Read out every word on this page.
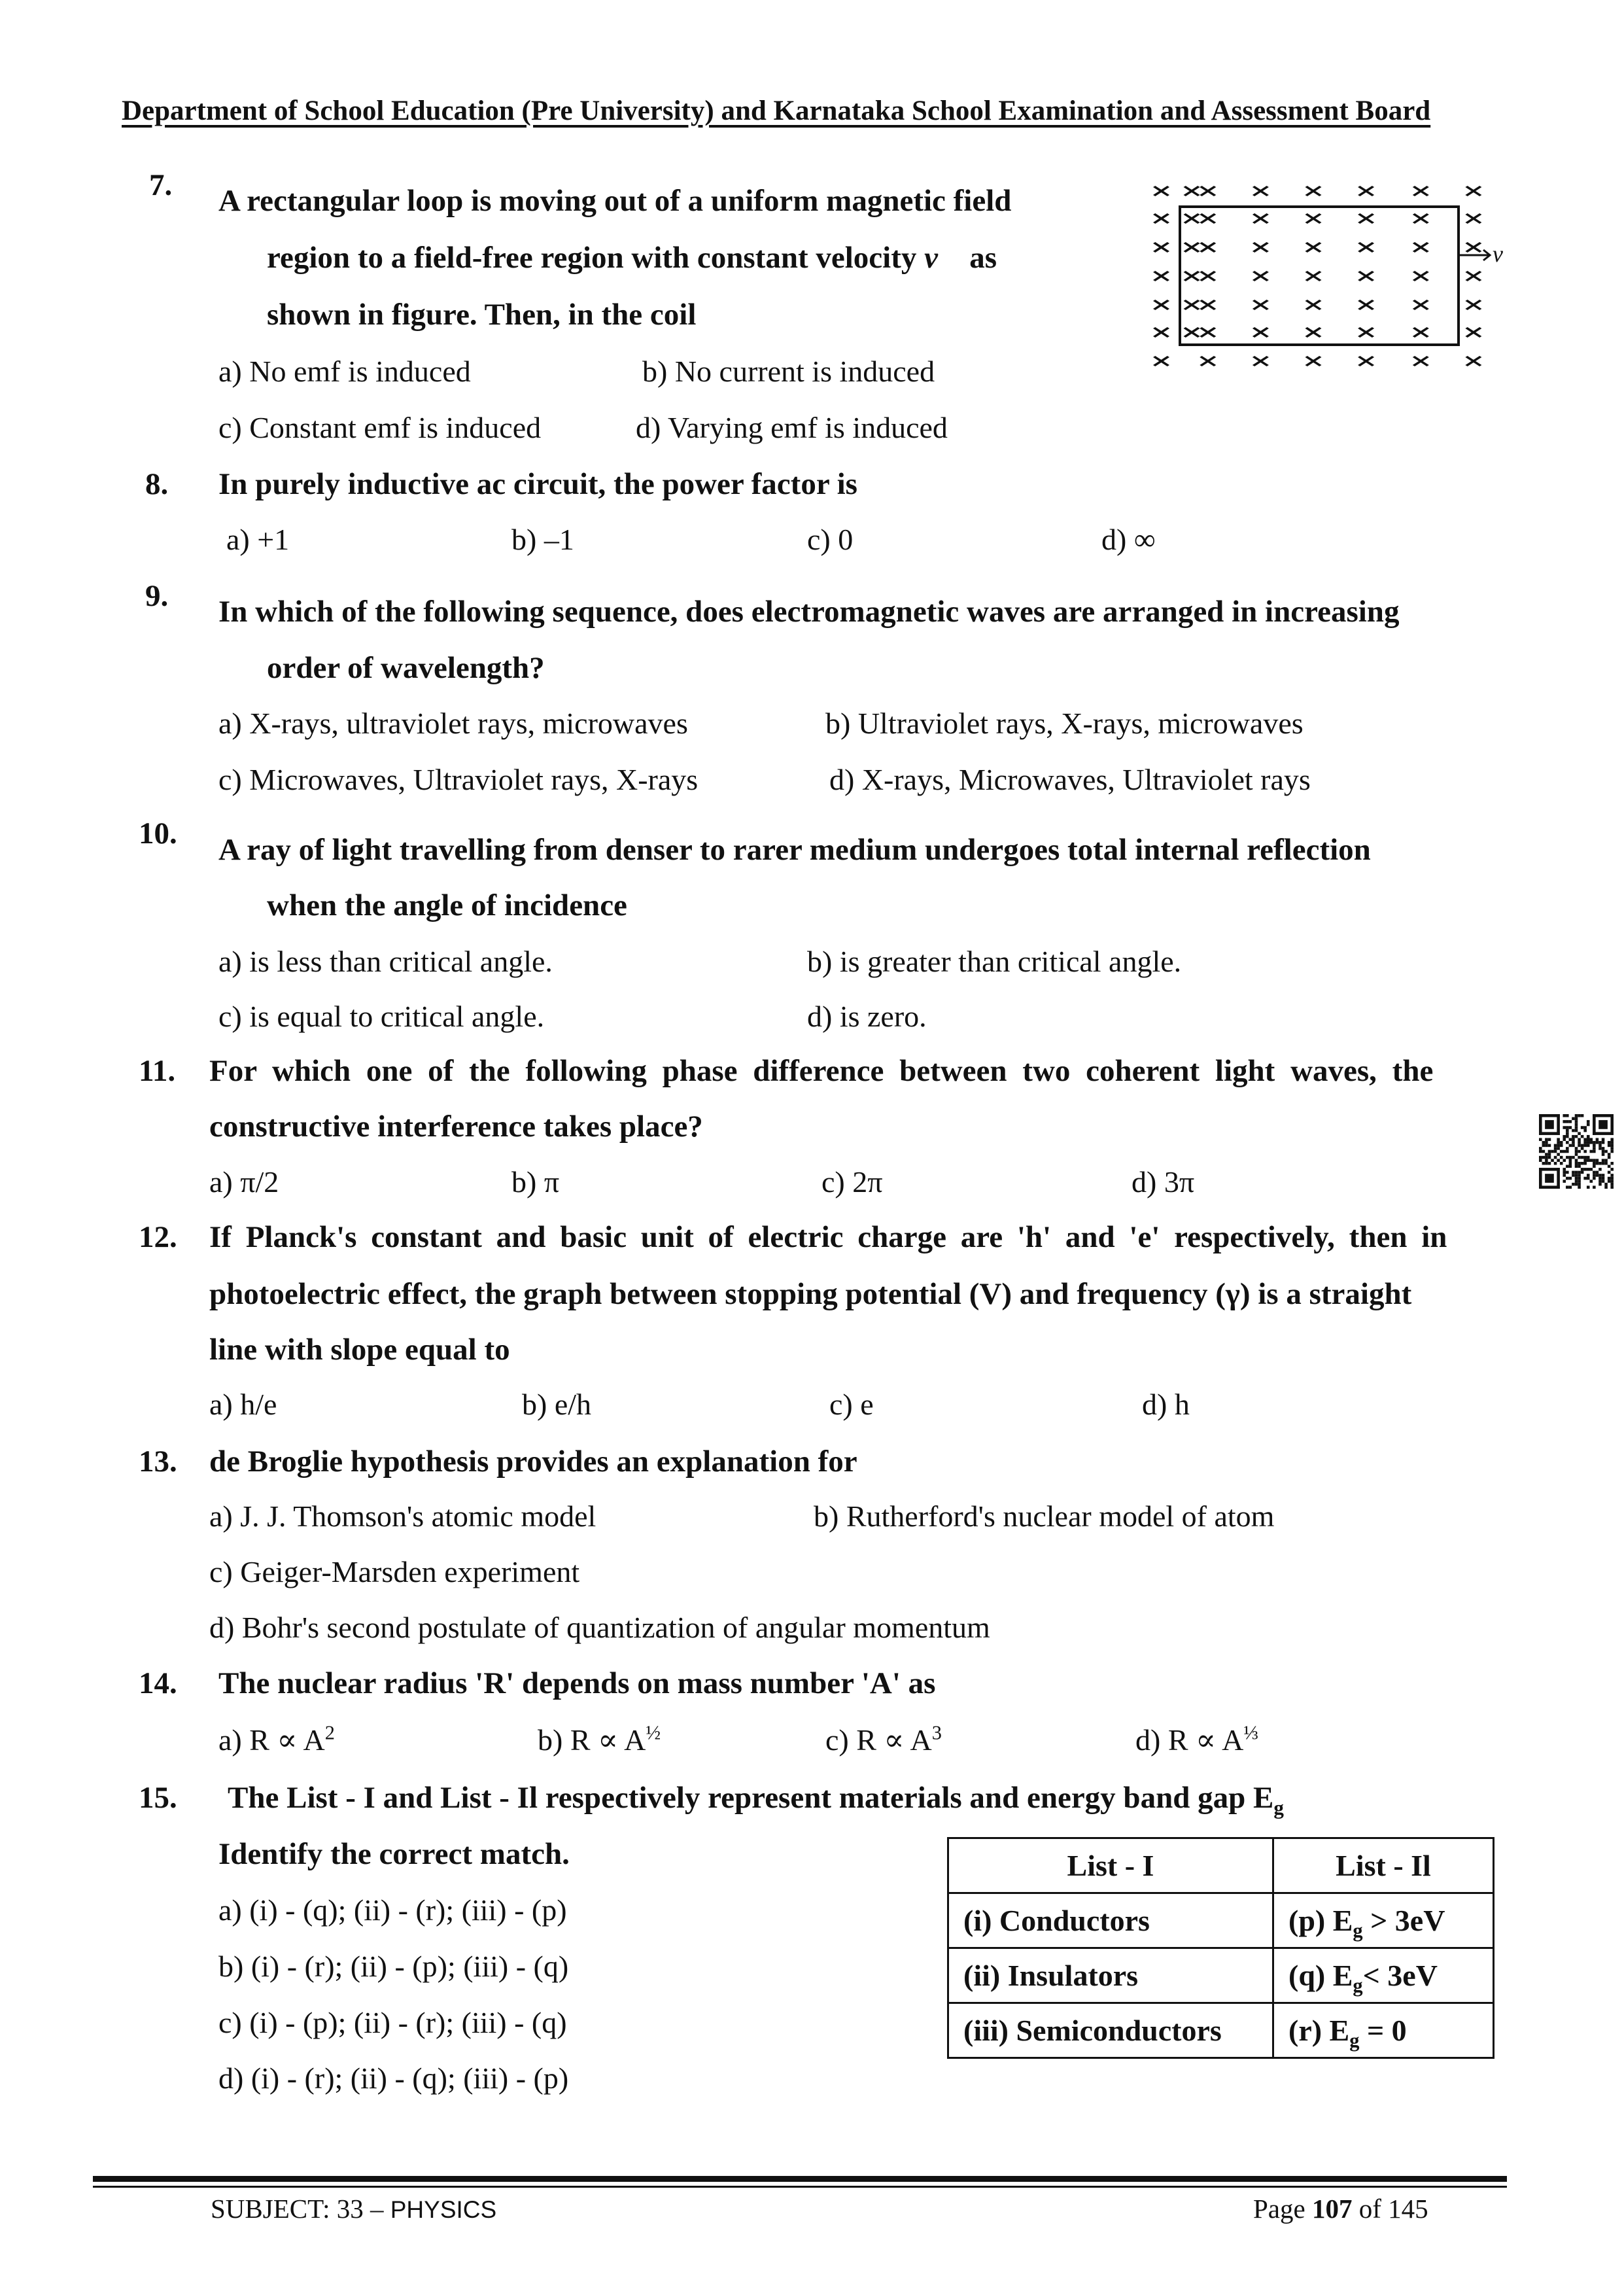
Department of School Education (Pre University) and Karnataka School Examination and Assessment Board
7. A rectangular loop is moving out of a uniform magnetic field
region to a field-free region with constant velocity v⃗ as
shown in figure. Then, in the coil
a) No emf is induced	b) No current is induced
c) Constant emf is induced	d) Varying emf is induced
v⃗
8. In purely inductive ac circuit, the power factor is
a) +1	b) –1	c) 0	d) ∞
9. In which of the following sequence, does electromagnetic waves are arranged in increasing
order of wavelength?
a) X-rays, ultraviolet rays, microwaves	b) Ultraviolet rays, X-rays, microwaves
c) Microwaves, Ultraviolet rays, X-rays	d) X-rays, Microwaves, Ultraviolet rays
10. A ray of light travelling from denser to rarer medium undergoes total internal reflection
when the angle of incidence
a) is less than critical angle.	b) is greater than critical angle.
c) is equal to critical angle.	d) is zero.
11. For which one of the following phase difference between two coherent light waves, the
constructive interference takes place?
a) π/2	b) π	c) 2π	d) 3π
12. If Planck's constant and basic unit of electric charge are 'h' and 'e' respectively, then in
photoelectric effect, the graph between stopping potential (V) and frequency (γ) is a straight
line with slope equal to
a) h/e	b) e/h	c) e	d) h
13. de Broglie hypothesis provides an explanation for
a) J. J. Thomson's atomic model	b) Rutherford's nuclear model of atom
c) Geiger-Marsden experiment
d) Bohr's second postulate of quantization of angular momentum
14. The nuclear radius 'R' depends on mass number 'A' as
a) $R \propto A^2$	b) $R \propto A^{\frac{1}{2}}$	c) $R \propto A^3$	d) $R \propto A^{\frac{1}{3}}$
15. The List - I and List - Il respectively represent materials and energy band gap $E_g$
Identify the correct match.
a) (i) - (q); (ii) - (r); (iii) - (p)
b) (i) - (r); (ii) - (p); (iii) - (q)
c) (i) - (p); (ii) - (r); (iii) - (q)
d) (i) - (r); (ii) - (q); (iii) - (p)
List - I	List - Il
(i) Conductors	(p) $E_g > 3eV$
(ii) Insulators	(q) $E_g< 3eV$
(iii) Semiconductors	(r) $E_g = 0$
SUBJECT: 33 – PHYSICS	Page 107 of 145
